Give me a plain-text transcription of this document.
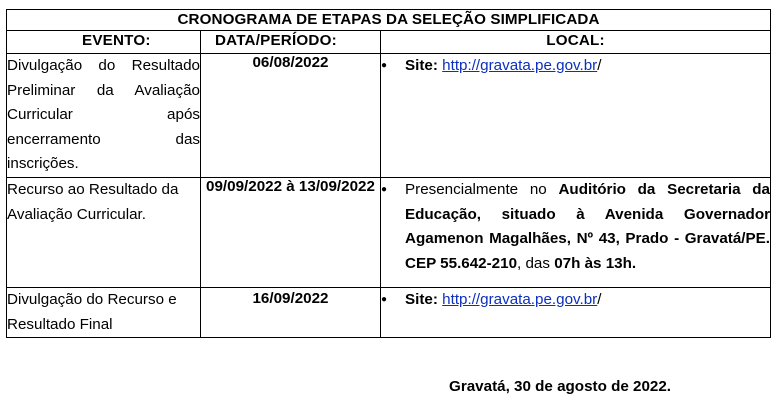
CRONOGRAMA DE ETAPAS DA SELEÇÃO SIMPLIFICADA		
EVENTO:	DATA/PERÍODO:	LOCAL:
Divulgação do Resultado Preliminar da Avaliação Curricular após encerramento das inscrições.	06/08/2022	● Site: http://gravata.pe.gov.br/

Recurso ao Resultado da Avaliação Curricular.	09/09/2022 à 13/09/2022	● Presencialmente no Auditório da Secretaria da Educação, situado à Avenida Governador Agamenon Magalhães, Nº 43, Prado - Gravatá/PE. CEP 55.642-210, das 07h às 13h.

Divulgação do Recurso e Resultado Final	16/09/2022	● Site: http://gravata.pe.gov.br/
Gravatá, 30 de agosto de 2022.
